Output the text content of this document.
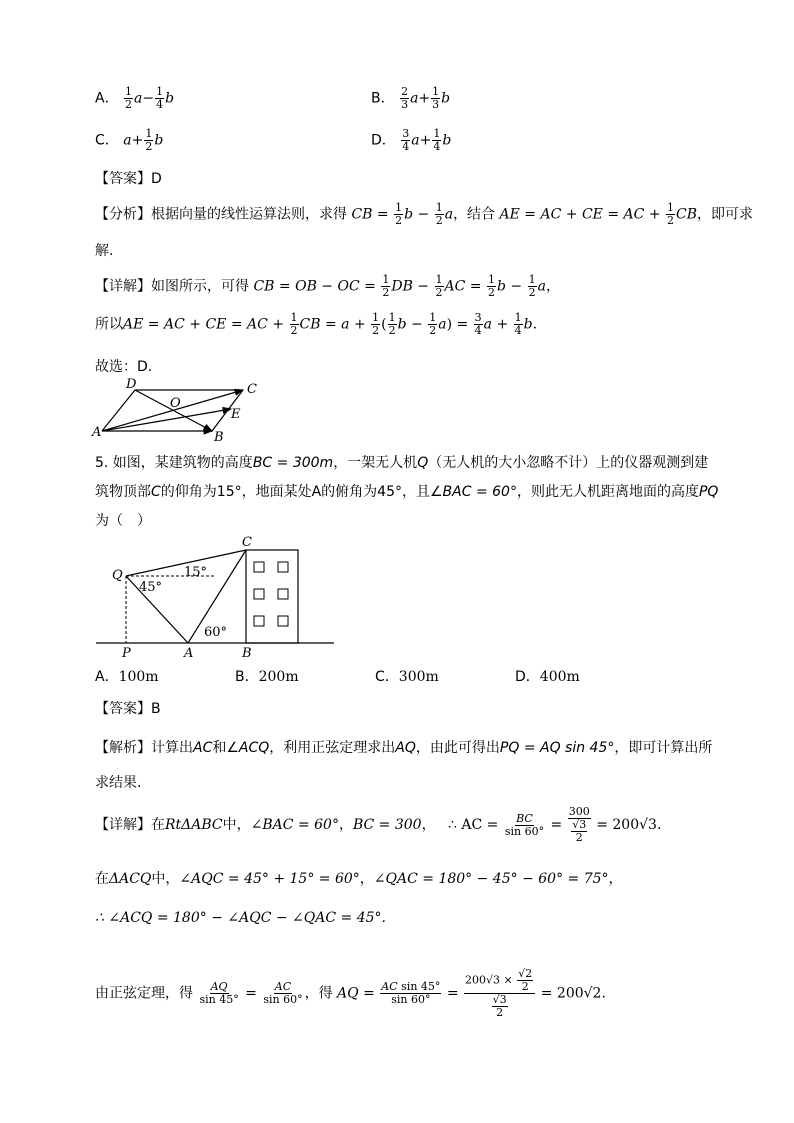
A． $\frac{1}{2} a- \frac{1}{4}$ b	B． $\frac{2}{3} a+ \frac{1}{3}$ b
C． $a+ \frac{1}{2}$ b	D． $\frac{3}{4} a+ \frac{1}{4}$ b
【答案】D
【分析】根据向量的线性运算法则，求得 CB = $\frac{1}{2}$ $b - \frac{1}{2}$ a，结合 AE = AC + CE = AC + $\frac{1}{2}$ CB，即可求
解.
【详解】如图所示，可得 CB = OB − OC = $\frac{1}{2}$ DB − $\frac{1}{2}$ AC = $\frac{1}{2}$ $b - \frac{1}{2}$ a，
所以AE = AC + CE = AC + $\frac{1}{2}$ CB = $a + \frac{1}{2}$ ( $\frac{1}{2}$ $b - \frac{1}{2} a) = \frac{3}{4}$ $a + \frac{1}{4} b$.
故选：D.
D	C
O
E
A	B
5. 如图，某建筑物的高度BC = 300m，一架无人机Q（无人机的大小忽略不计）上的仪器观测到建
筑物顶部C的仰角为15°，地面某处A的俯角为45°，且∠BAC = 60°，则此无人机距离地面的高度PQ
为（　）
C
Q
P	A	B
15°
45°
60°
A．100m	B．200m	C．300m	D．400m
【答案】B
【解析】计算出AC和∠ACQ，利用正弦定理求出AQ，由此可得出PQ = AQ sin 45°，即可计算出所
求结果.
【详解】在RtΔABC中，∠BAC = 60°，BC = 300， ∴ AC = $\frac{BC}{\sin 60^\circ} = \frac{300}{\frac{√3}{2}} = 200√3$.
在ΔACQ中，∠AQC = 45° + 15° = 60°，∠QAC = 180° − 45° − 60° = 75°，
∴ ∠ACQ = 180° − ∠AQC − ∠QAC = 45°.
由正弦定理，得 $\frac{AQ}{\sin 45^\circ} = \frac{AC}{\sin 60^\circ}$ ，得 AQ = $\frac{\text{AC sin 45°}}{\sin 60^\circ} = \frac{200√3 \times \frac{√2}{2}}{\frac{√3}{2}} = 200√2$.
